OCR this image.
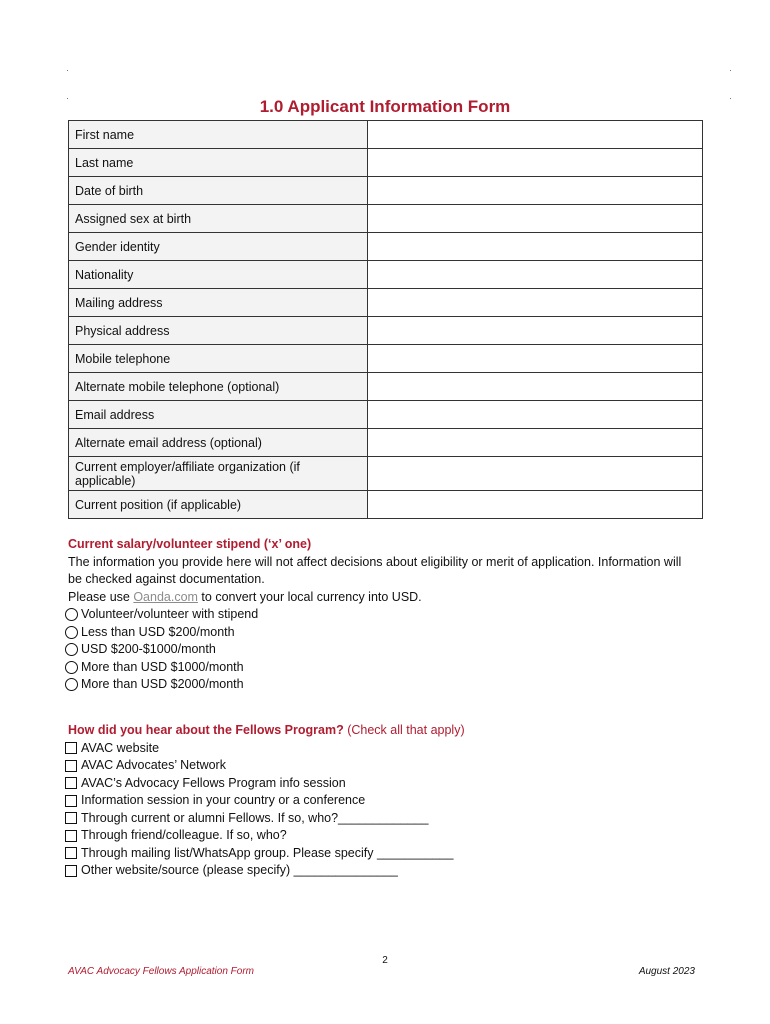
1.0 Applicant Information Form
First name	
Last name	
Date of birth	
Assigned sex at birth	
Gender identity	
Nationality	
Mailing address	
Physical address	
Mobile telephone	
Alternate mobile telephone (optional)	
Email address	
Alternate email address (optional)	
Current employer/affiliate organization (if applicable)	
Current position (if applicable)	
Current salary/volunteer stipend (‘x’ one)
The information you provide here will not affect decisions about eligibility or merit of application. Information will
be checked against documentation.
Please use Oanda.com to convert your local currency into USD.
Volunteer/volunteer with stipend
Less than USD $200/month
USD $200-$1000/month
More than USD $1000/month
More than USD $2000/month
How did you hear about the Fellows Program? (Check all that apply)
AVAC website
AVAC Advocates’ Network
AVAC’s Advocacy Fellows Program info session
Information session in your country or a conference
Through current or alumni Fellows. If so, who?_____________
Through friend/colleague. If so, who?
Through mailing list/WhatsApp group. Please specify ___________
Other website/source (please specify) _______________
2
AVAC Advocacy Fellows Application Form	August 2023
